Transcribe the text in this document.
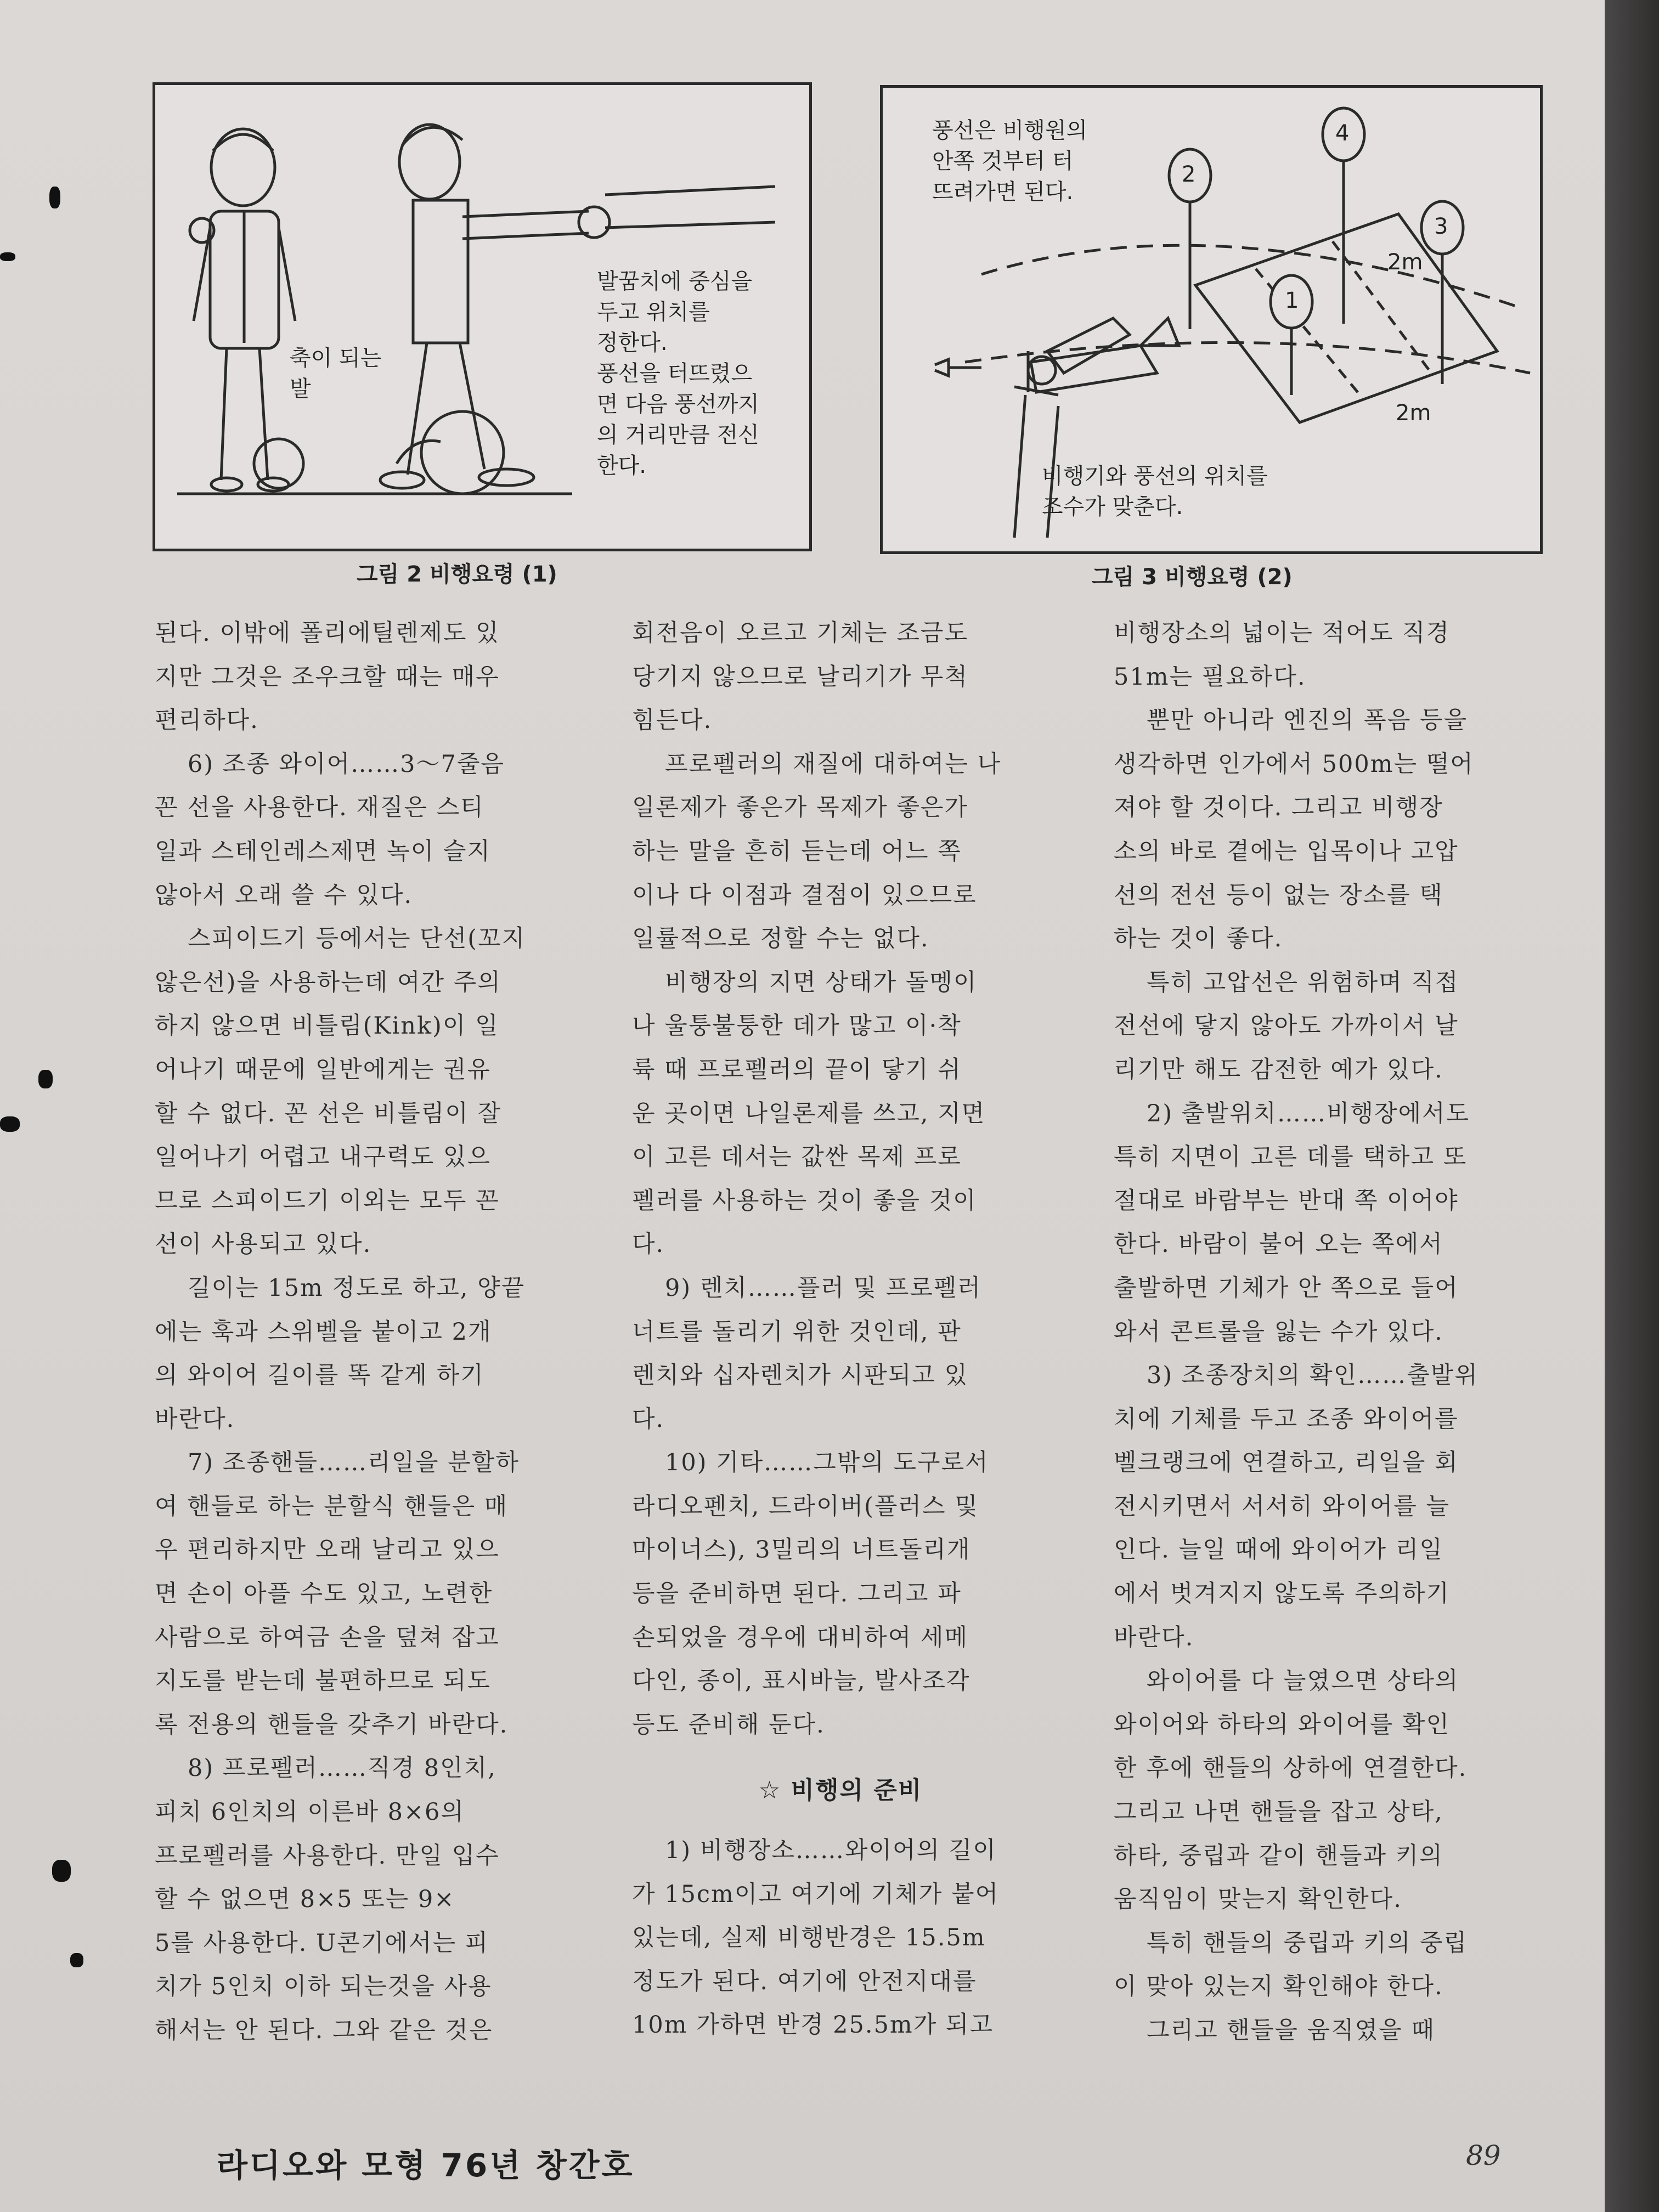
축이 되는
발
발꿈치에 중심을
두고 위치를
정한다.
풍선을 터뜨렸으
면 다음 풍선까지
의 거리만큼 전신
한다.
그림 2 비행요령 (1)
2
1
4
3
2m
2m
풍선은 비행원의
안쪽 것부터 터
뜨려가면 된다.
비행기와 풍선의 위치를
조수가 맞춘다.
그림 3 비행요령 (2)

된다. 이밖에 폴리에틸렌제도 있
지만 그것은 조우크할 때는 매우
편리하다.

6) 조종 와이어……3～7줄음
꼰 선을 사용한다. 재질은 스티
일과 스테인레스제면 녹이 슬지
않아서 오래 쓸 수 있다.

스피이드기 등에서는 단선(꼬지
않은선)을 사용하는데 여간 주의
하지 않으면 비틀림(Kink)이 일
어나기 때문에 일반에게는 권유
할 수 없다. 꼰 선은 비틀림이 잘
일어나기 어렵고 내구력도 있으
므로 스피이드기 이외는 모두 꼰
선이 사용되고 있다.

길이는 15m 정도로 하고, 양끝
에는 훅과 스위벨을 붙이고 2개
의 와이어 길이를 똑 같게 하기
바란다.

7) 조종핸들……리일을 분할하
여 핸들로 하는 분할식 핸들은 매
우 편리하지만 오래 날리고 있으
면 손이 아플 수도 있고, 노련한
사람으로 하여금 손을 덮쳐 잡고
지도를 받는데 불편하므로 되도
록 전용의 핸들을 갖추기 바란다.

8) 프로펠러……직경 8인치,
피치 6인치의 이른바 8×6의
프로펠러를 사용한다. 만일 입수
할 수 없으면 8×5 또는 9×
5를 사용한다. U콘기에서는 피
치가 5인치 이하 되는것을 사용
해서는 안 된다. 그와 같은 것은

회전음이 오르고 기체는 조금도
당기지 않으므로 날리기가 무척
힘든다.

프로펠러의 재질에 대하여는 나
일론제가 좋은가 목제가 좋은가
하는 말을 흔히 듣는데 어느 쪽
이나 다 이점과 결점이 있으므로
일률적으로 정할 수는 없다.

비행장의 지면 상태가 돌멩이
나 울퉁불퉁한 데가 많고 이·착
륙 때 프로펠러의 끝이 닿기 쉬
운 곳이면 나일론제를 쓰고, 지면
이 고른 데서는 값싼 목제 프로
펠러를 사용하는 것이 좋을 것이
다.

9) 렌치……플러 및 프로펠러
너트를 돌리기 위한 것인데, 판
렌치와 십자렌치가 시판되고 있
다.

10) 기타……그밖의 도구로서
라디오펜치, 드라이버(플러스 및
마이너스), 3밀리의 너트돌리개
등을 준비하면 된다. 그리고 파
손되었을 경우에 대비하여 세메
다인, 종이, 표시바늘, 발사조각
등도 준비해 둔다.

☆ 비행의 준비

1) 비행장소……와이어의 길이
가 15cm이고 여기에 기체가 붙어
있는데, 실제 비행반경은 15.5m
정도가 된다. 여기에 안전지대를
10m 가하면 반경 25.5m가 되고

비행장소의 넓이는 적어도 직경
51m는 필요하다.

뿐만 아니라 엔진의 폭음 등을
생각하면 인가에서 500m는 떨어
져야 할 것이다. 그리고 비행장
소의 바로 곁에는 입목이나 고압
선의 전선 등이 없는 장소를 택
하는 것이 좋다.

특히 고압선은 위험하며 직접
전선에 닿지 않아도 가까이서 날
리기만 해도 감전한 예가 있다.

2) 출발위치……비행장에서도
특히 지면이 고른 데를 택하고 또
절대로 바람부는 반대 쪽 이어야
한다. 바람이 불어 오는 쪽에서
출발하면 기체가 안 쪽으로 들어
와서 콘트롤을 잃는 수가 있다.

3) 조종장치의 확인……출발위
치에 기체를 두고 조종 와이어를
벨크랭크에 연결하고, 리일을 회
전시키면서 서서히 와이어를 늘
인다. 늘일 때에 와이어가 리일
에서 벗겨지지 않도록 주의하기
바란다.

와이어를 다 늘였으면 상타의
와이어와 하타의 와이어를 확인
한 후에 핸들의 상하에 연결한다.
그리고 나면 핸들을 잡고 상타,
하타, 중립과 같이 핸들과 키의
움직임이 맞는지 확인한다.

특히 핸들의 중립과 키의 중립
이 맞아 있는지 확인해야 한다.

그리고 핸들을 움직였을 때

라디오와 모형 76년 창간호	89
